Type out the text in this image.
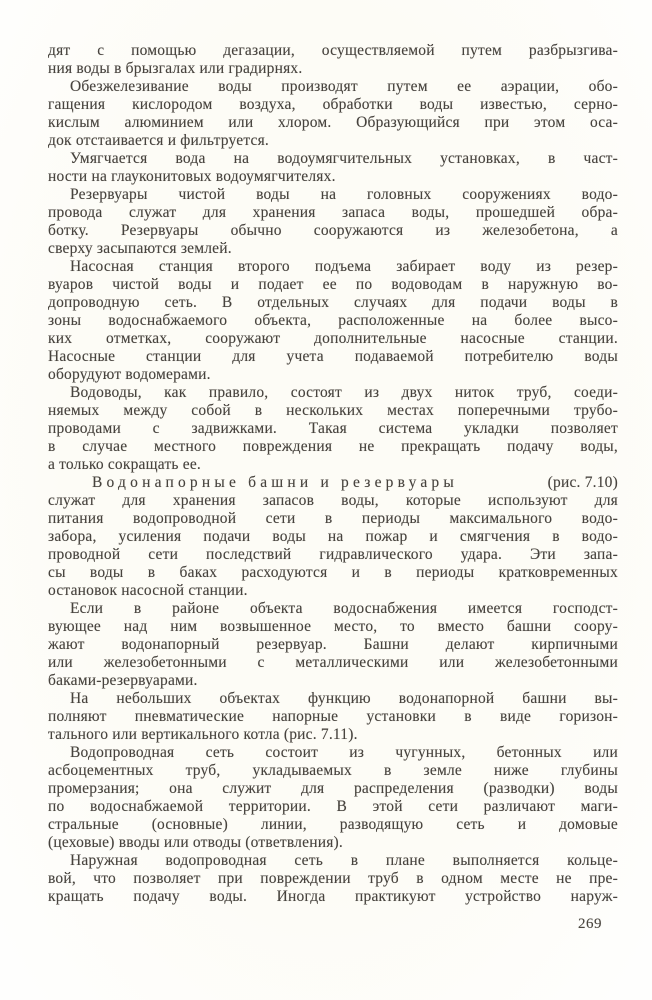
дят с помощью дегазации, осуществляемой путем разбрызгива-
ния воды в брызгалах или градирнях.
Обезжелезивание воды производят путем ее аэрации, обо-
гащения кислородом воздуха, обработки воды известью, серно-
кислым алюминием или хлором. Образующийся при этом оса-
док отстаивается и фильтруется.
Умягчается вода на водоумягчительных установках, в част-
ности на глауконитовых водоумягчителях.
Резервуары чистой воды на головных сооружениях водо-
провода служат для хранения запаса воды, прошедшей обра-
ботку. Резервуары обычно сооружаются из железобетона, а
сверху засыпаются землей.
Насосная станция второго подъема забирает воду из резер-
вуаров чистой воды и подает ее по водоводам в наружную во-
допроводную сеть. В отдельных случаях для подачи воды в
зоны водоснабжаемого объекта, расположенные на более высо-
ких отметках, сооружают дополнительные насосные станции.
Насосные станции для учета подаваемой потребителю воды
оборудуют водомерами.
Водоводы, как правило, состоят из двух ниток труб, соеди-
няемых между собой в нескольких местах поперечными трубо-
проводами с задвижками. Такая система укладки позволяет
в случае местного повреждения не прекращать подачу воды,
а только сокращать ее.
Водонапорные башни и резервуары	(рис. 7.10)
служат для хранения запасов воды, которые используют для
питания водопроводной сети в периоды максимального водо-
забора, усиления подачи воды на пожар и смягчения в водо-
проводной сети последствий гидравлического удара. Эти запа-
сы воды в баках расходуются и в периоды кратковременных
остановок насосной станции.
Если в районе объекта водоснабжения имеется господст-
вующее над ним возвышенное место, то вместо башни соору-
жают водонапорный резервуар. Башни делают кирпичными
или железобетонными с металлическими или железобетонными
баками-резервуарами.
На небольших объектах функцию водонапорной башни вы-
полняют пневматические напорные установки в виде горизон-
тального или вертикального котла (рис. 7.11).
Водопроводная сеть состоит из чугунных, бетонных или
асбоцементных труб, укладываемых в земле ниже глубины
промерзания; она служит для распределения (разводки) воды
по водоснабжаемой территории. В этой сети различают маги-
стральные (основные) линии, разводящую сеть и домовые
(цеховые) вводы или отводы (ответвления).
Наружная водопроводная сеть в плане выполняется кольце-
вой, что позволяет при повреждении труб в одном месте не пре-
кращать подачу воды. Иногда практикуют устройство наруж-
269
